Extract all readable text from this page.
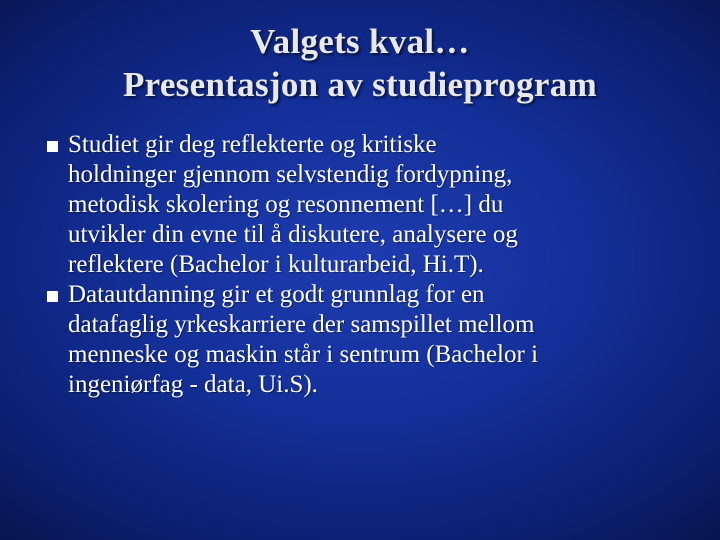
Valgets kval…
Presentasjon av studieprogram
Studiet gir deg reflekterte og kritiske
holdninger gjennom selvstendig fordypning,
metodisk skolering og resonnement […] du
utvikler din evne til å diskutere, analysere og
reflektere (Bachelor i kulturarbeid, Hi.T).
Datautdanning gir et godt grunnlag for en
datafaglig yrkeskarriere der samspillet mellom
menneske og maskin står i sentrum (Bachelor i
ingeniørfag - data, Ui.S).
